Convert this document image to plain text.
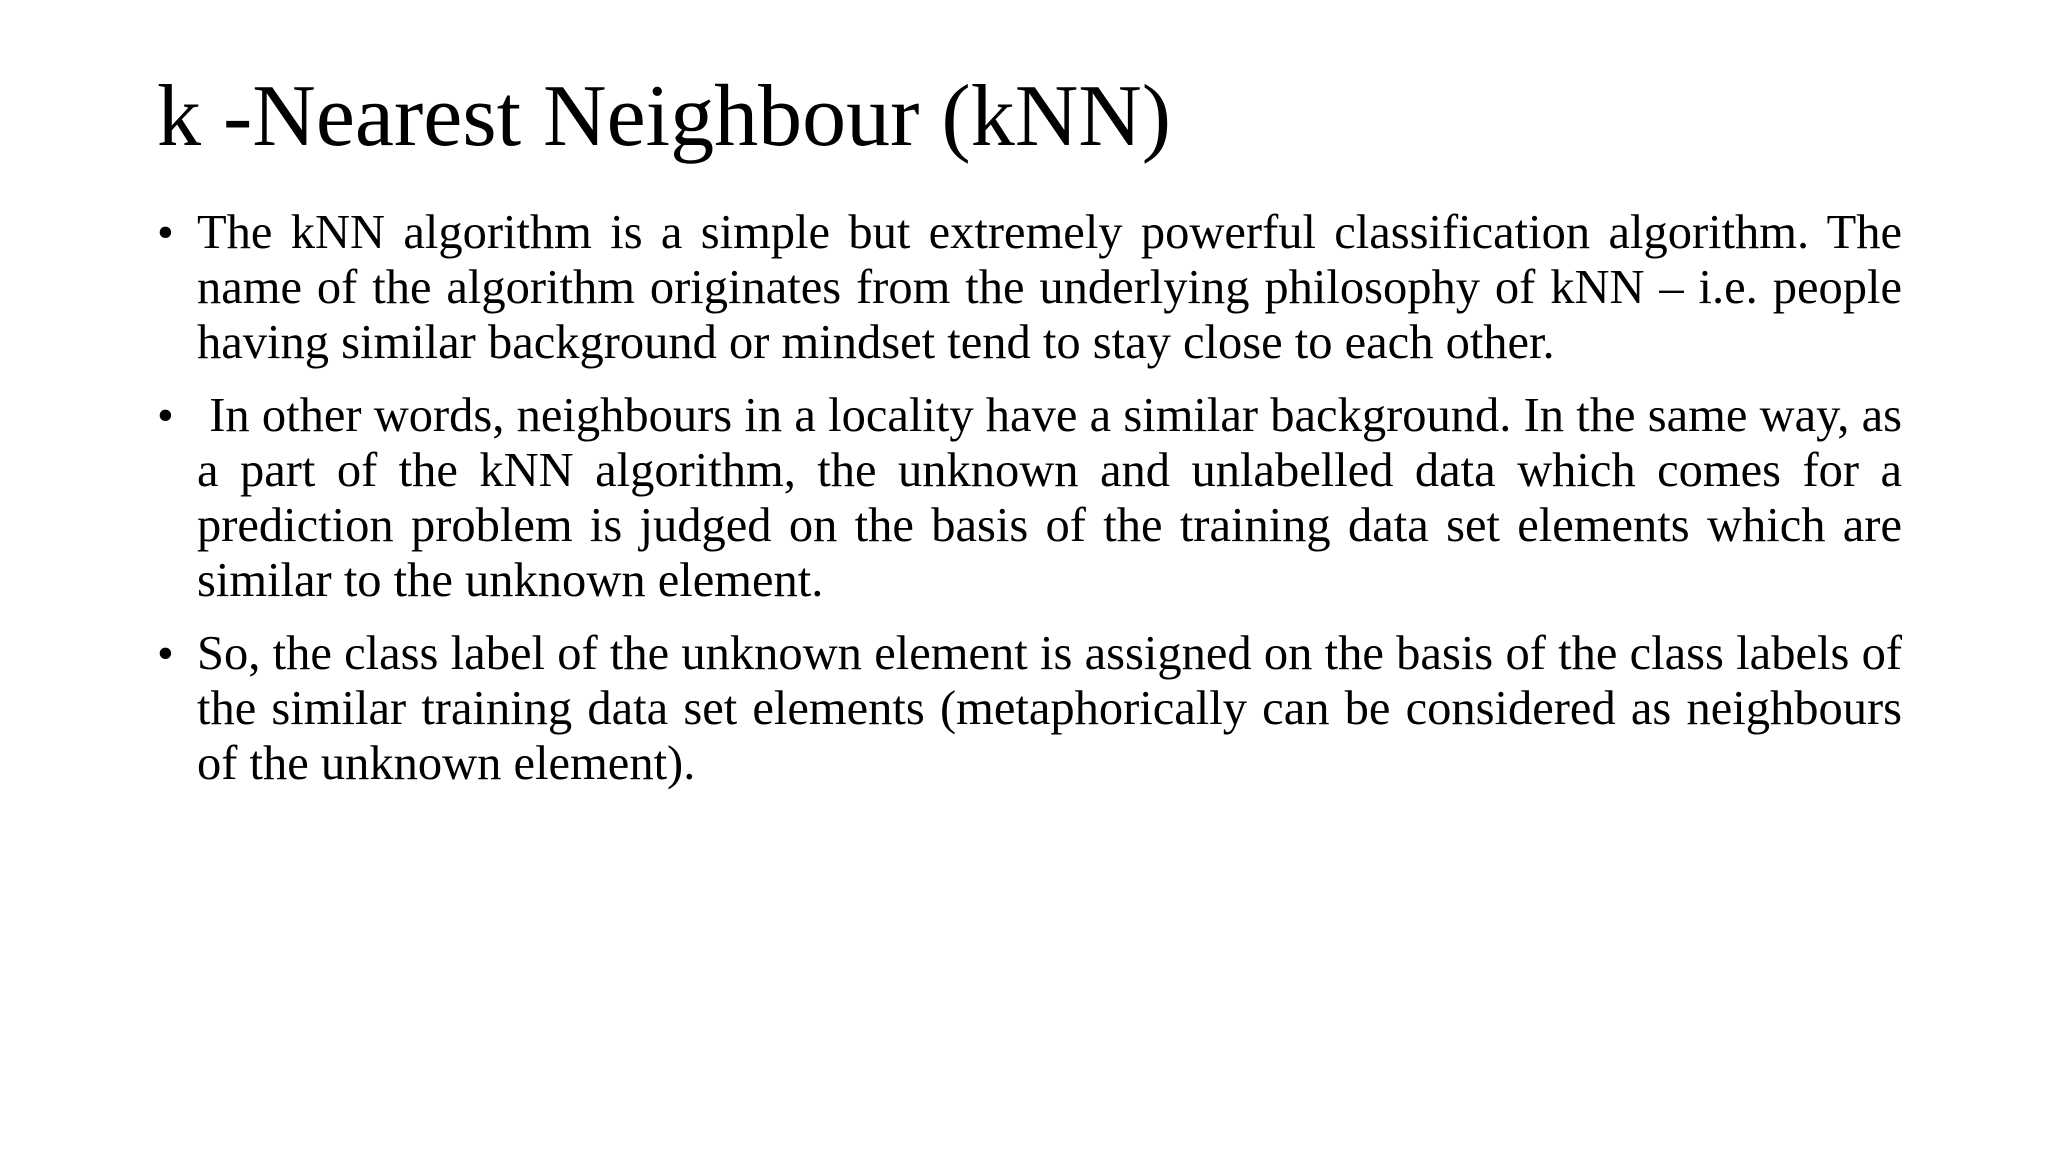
k -Nearest Neighbour (kNN)
• The kNN algorithm is a simple but extremely powerful classification algorithm. The name of the algorithm originates from the underlying philosophy of kNN – i.e. people having similar background or mindset tend to stay close to each other.
• In other words, neighbours in a locality have a similar background. In the same way, as a part of the kNN algorithm, the unknown and unlabelled data which comes for a prediction problem is judged on the basis of the training data set elements which are similar to the unknown element.
• So, the class label of the unknown element is assigned on the basis of the class labels of the similar training data set elements (metaphorically can be considered as neighbours of the unknown element).
